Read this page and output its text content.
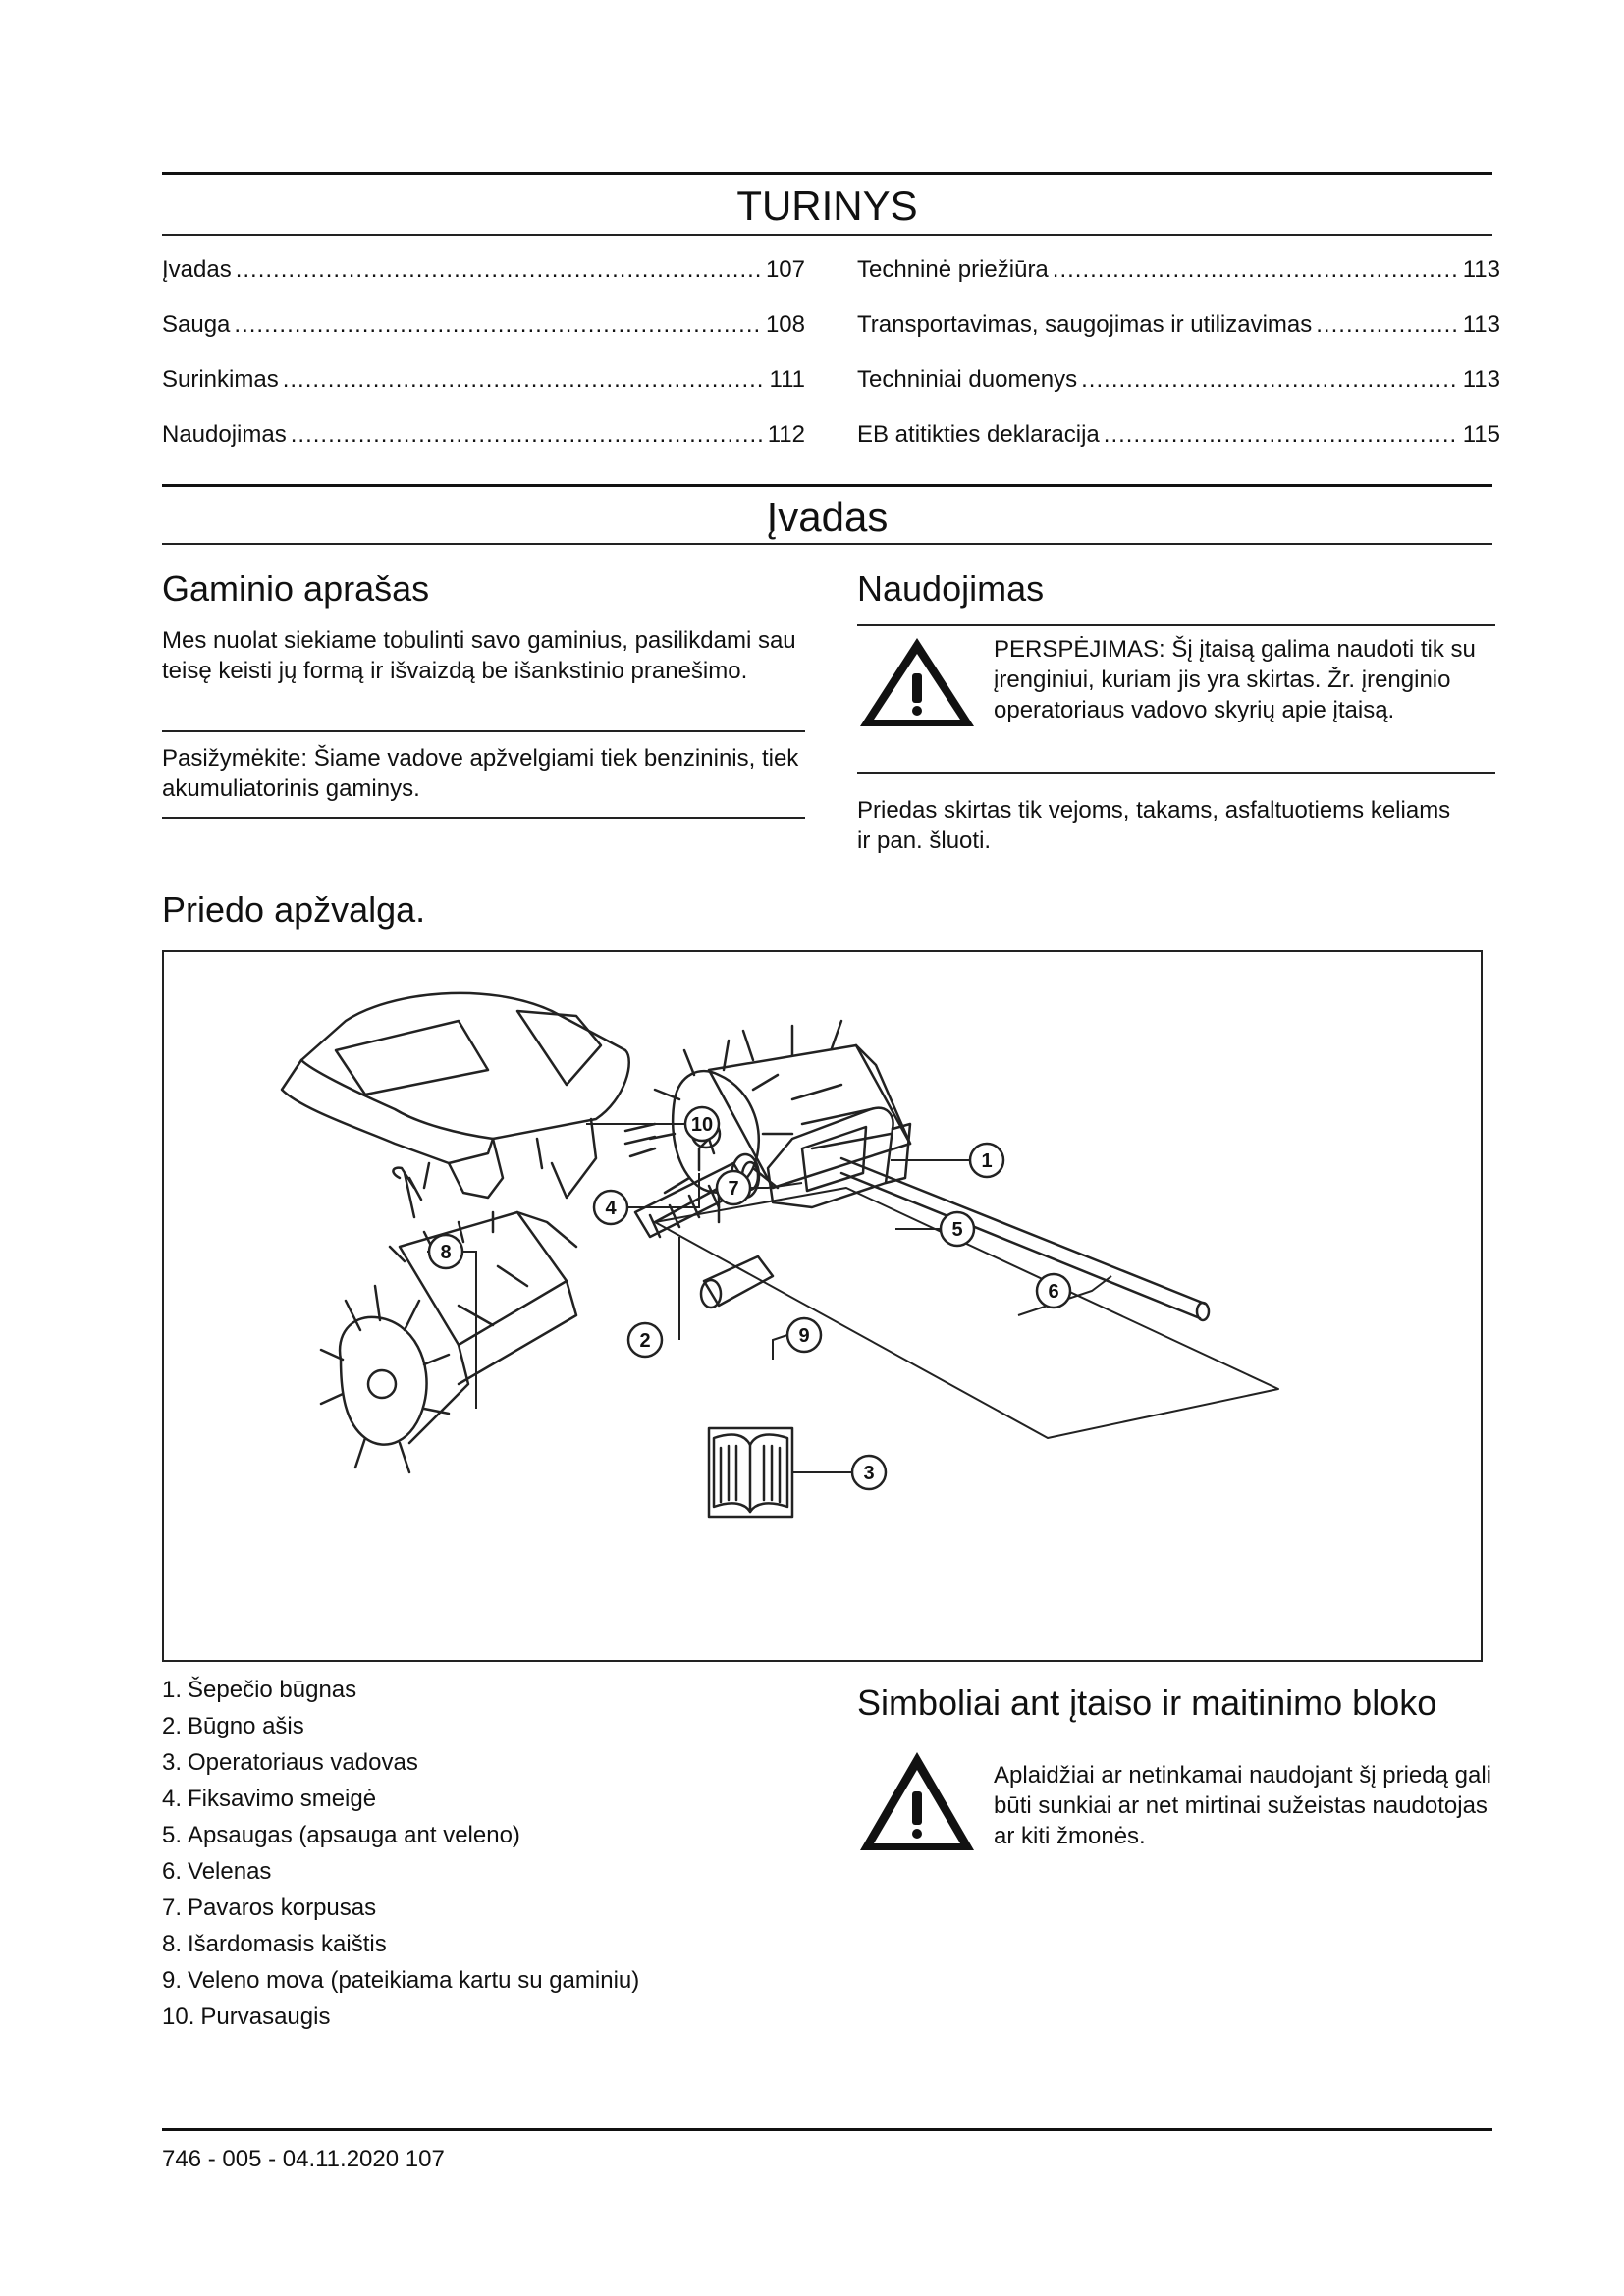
TURINYS
Įvadas .....	107
Sauga .....	108
Surinkimas .....	111
Naudojimas .....	112
Techninė priežiūra .....	113
Transportavimas, saugojimas ir utilizavimas .....	113
Techniniai duomenys .....	113
EB atitikties deklaracija .....	115
Įvadas
Gaminio aprašas
Mes nuolat siekiame tobulinti savo gaminius, pasilikdami sau teisę keisti jų formą ir išvaizdą be išankstinio pranešimo.
Pasižymėkite: Šiame vadove apžvelgiami tiek benzininis, tiek akumuliatorinis gaminys.
Naudojimas
PERSPĖJIMAS: Šį įtaisą galima naudoti tik su įrenginiui, kuriam jis yra skirtas. Žr. įrenginio operatoriaus vadovo skyrių apie įtaisą.
Priedas skirtas tik vejoms, takams, asfaltuotiems keliams ir pan. šluoti.
Priedo apžvalga.
10
1
7
4
5
6
8
9
2
3
1. Šepečio būgnas
2. Būgno ašis
3. Operatoriaus vadovas
4. Fiksavimo smeigė
5. Apsaugas (apsauga ant veleno)
6. Velenas
7. Pavaros korpusas
8. Išardomasis kaištis
9. Veleno mova (pateikiama kartu su gaminiu)
10. Purvasaugis
Simboliai ant įtaiso ir maitinimo bloko
Aplaidžiai ar netinkamai naudojant šį priedą gali būti sunkiai ar net mirtinai sužeistas naudotojas ar kiti žmonės.
746 - 005 - 04.11.2020 107
